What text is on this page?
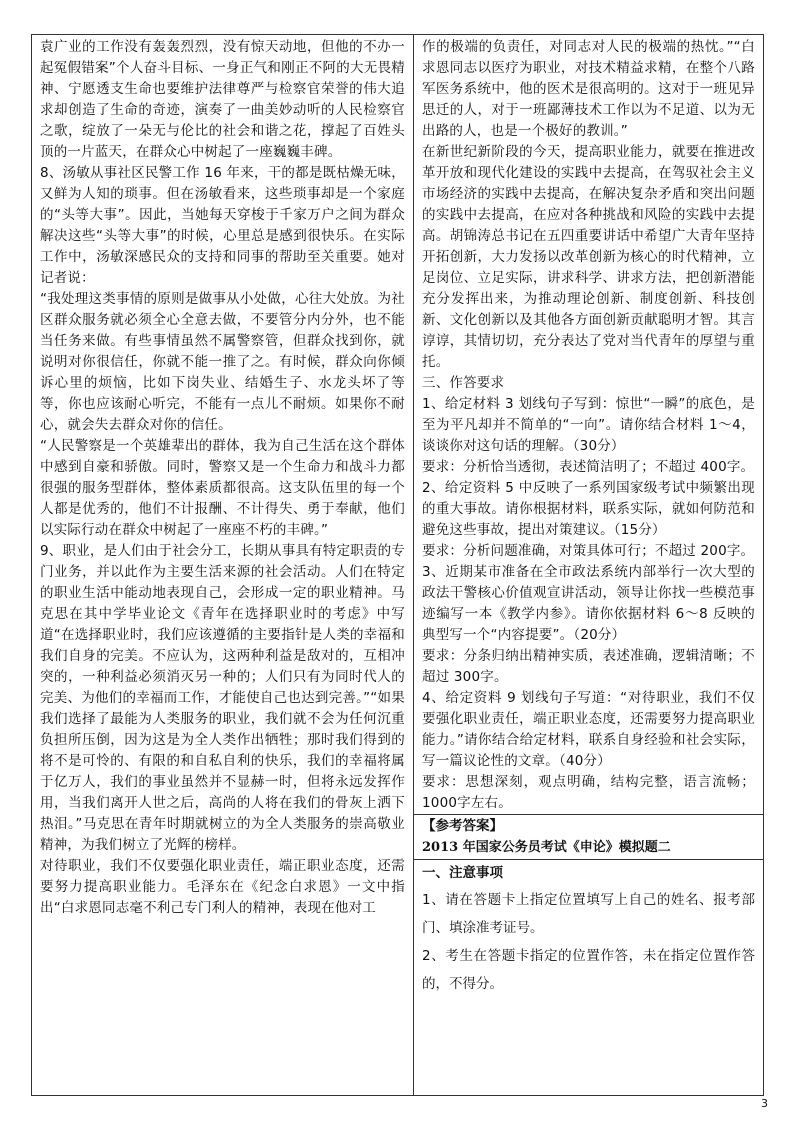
袁广业的工作没有轰轰烈烈，没有惊天动地，但他的不办一起冤假错案”个人奋斗目标、一身正气和刚正不阿的大无畏精神、宁愿透支生命也要维护法律尊严与检察官荣誉的伟大追求却创造了生命的奇迹，演奏了一曲美妙动听的人民检察官之歌，绽放了一朵无与伦比的社会和谐之花，撑起了百姓头顶的一片蓝天，在群众心中树起了一座巍巍丰碑。

8、汤敏从事社区民警工作 16 年来，干的都是既枯燥无味，又鲜为人知的琐事。但在汤敏看来，这些琐事却是一个家庭的“头等大事”。因此，当她每天穿梭于千家万户之间为群众解决这些“头等大事”的时候，心里总是感到很快乐。在实际工作中，汤敏深感民众的支持和同事的帮助至关重要。她对记者说：

“我处理这类事情的原则是做事从小处做，心往大处放。为社区群众服务就必须全心全意去做，不要管分内分外，也不能当任务来做。有些事情虽然不属警察管，但群众找到你，就说明对你很信任，你就不能一推了之。有时候，群众向你倾诉心里的烦恼，比如下岗失业、结婚生子、水龙头坏了等等，你也应该耐心听完，不能有一点儿不耐烦。如果你不耐心，就会失去群众对你的信任。

“人民警察是一个英雄辈出的群体，我为自己生活在这个群体中感到自豪和骄傲。同时，警察又是一个生命力和战斗力都很强的服务型群体，整体素质都很高。这支队伍里的每一个人都是优秀的，他们不计报酬、不计得失、勇于奉献，他们以实际行动在群众中树起了一座座不朽的丰碑。”

9、职业，是人们由于社会分工，长期从事具有特定职责的专门业务，并以此作为主要生活来源的社会活动。人们在特定的职业生活中能动地表现自己，会形成一定的职业精神。马克思在其中学毕业论文《青年在选择职业时的考虑》中写道“在选择职业时，我们应该遵循的主要指针是人类的幸福和我们自身的完美。不应认为，这两种利益是敌对的，互相冲突的，一种利益必须消灭另一种的；人们只有为同时代人的完美、为他们的幸福而工作，才能使自己也达到完善。”“如果我们选择了最能为人类服务的职业，我们就不会为任何沉重负担所压倒，因为这是为全人类作出牺牲；那时我们得到的将不是可怜的、有限的和自私自利的快乐，我们的幸福将属于亿万人，我们的事业虽然并不显赫一时，但将永远发挥作用，当我们离开人世之后，高尚的人将在我们的骨灰上洒下热泪。”马克思在青年时期就树立的为全人类服务的崇高敬业精神，为我们树立了光辉的榜样。

对待职业，我们不仅要强化职业责任，端正职业态度，还需要努力提高职业能力。毛泽东在《纪念白求恩》一文中指出“白求恩同志毫不利己专门利人的精神，表现在他对工

作的极端的负责任，对同志对人民的极端的热忱。”“白求恩同志以医疗为职业，对技术精益求精，在整个八路军医务系统中，他的医术是很高明的。这对于一班见异思迁的人，对于一班鄙薄技术工作以为不足道、以为无出路的人，也是一个极好的教训。”

在新世纪新阶段的今天，提高职业能力，就要在推进改革开放和现代化建设的实践中去提高，在驾驭社会主义市场经济的实践中去提高，在解决复杂矛盾和突出问题的实践中去提高，在应对各种挑战和风险的实践中去提高。胡锦涛总书记在五四重要讲话中希望广大青年坚持开拓创新，大力发扬以改革创新为核心的时代精神，立足岗位、立足实际，讲求科学、讲求方法，把创新潜能充分发挥出来，为推动理论创新、制度创新、科技创新、文化创新以及其他各方面创新贡献聪明才智。其言谆谆，其情切切，充分表达了党对当代青年的厚望与重托。

三、作答要求

1、给定材料 3 划线句子写到：惊世“一瞬”的底色，是至为平凡却并不简单的“一向”。请你结合材料 1～4，谈谈你对这句话的理解。（30分）

要求：分析恰当透彻，表述简洁明了；不超过 400字。

2、给定资料 5 中反映了一系列国家级考试中频繁出现的重大事故。请你根据材料，联系实际，就如何防范和避免这些事故，提出对策建议。（15分）

要求：分析问题准确，对策具体可行；不超过 200字。

3、近期某市准备在全市政法系统内部举行一次大型的政法干警核心价值观宣讲活动，领导让你找一些模范事迹编写一本《教学内参》。请你依据材料 6～8 反映的典型写一个“内容提要”。（20分）

要求：分条归纳出精神实质，表述准确，逻辑清晰；不超过 300字。

4、给定资料 9 划线句子写道：“对待职业，我们不仅要强化职业责任，端正职业态度，还需要努力提高职业能力。”请你结合给定材料，联系自身经验和社会实际，写一篇议论性的文章。（40分）

要求：思想深刻，观点明确，结构完整，语言流畅；1000字左右。

【参考答案】

2013 年国家公务员考试《申论》模拟题二

一、注意事项

1、请在答题卡上指定位置填写上自己的姓名、报考部门、填涂准考证号。

2、考生在答题卡指定的位置作答，未在指定位置作答的，不得分。

3
